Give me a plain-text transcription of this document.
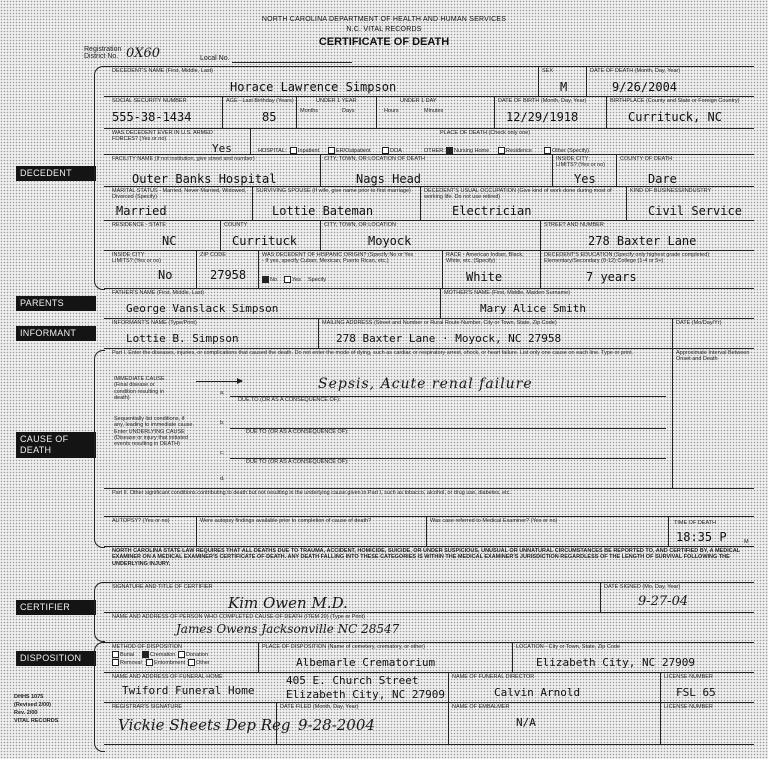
NORTH CAROLINA DEPARTMENT OF HEALTH AND HUMAN SERVICES
N.C. VITAL RECORDS
CERTIFICATE OF DEATH
Registration District No. 0X60	Local No.
DECEDENT
PARENTS
INFORMANT
CAUSE OF DEATH
CERTIFIER
DISPOSITION
DECEDENT'S NAME (First, Middle, Last)
Horace Lawrence Simpson
SEX
M
DATE OF DEATH (Month, Day, Year)
9/26/2004
SOCIAL SECURITY NUMBER
555-38-1434
AGE - Last Birthday (Years)
85
UNDER 1 YEAR
Months	Days
UNDER 1 DAY
Hours	Minutes
DATE OF BIRTH (Month, Day, Year)
12/29/1918
BIRTHPLACE (County and State or Foreign Country)
Currituck, NC
WAS DECEDENT EVER IN U.S. ARMED FORCES? (Yes or no)
Yes
PLACE OF DEATH (Check only one)
HOSPITAL: Inpatient	ER/Outpatient	DOA	OTHER: Nursing Home	Residence	Other (Specify)
FACILITY NAME (If not institution, give street and number)
Outer Banks Hospital
CITY, TOWN, OR LOCATION OF DEATH
Nags Head
INSIDE CITY LIMITS? (Yes or no)
Yes
COUNTY OF DEATH
Dare
MARITAL STATUS - Married, Never Married, Widowed, Divorced (Specify)
Married
SURVIVING SPOUSE (If wife, give name prior to first marriage)
Lottie Bateman
DECEDENT'S USUAL OCCUPATION (Give kind of work done during most of working life. Do not use retired)
Electrician
KIND OF BUSINESS/INDUSTRY
Civil Service
RESIDENCE - STATE
NC
COUNTY
Currituck
CITY, TOWN, OR LOCATION
Moyock
STREET AND NUMBER
278 Baxter Lane
INSIDE CITY LIMITS? (Yes or no)
No
ZIP CODE
27958
WAS DECEDENT OF HISPANIC ORIGIN? (Specify No or Yes - If yes, specify Cuban, Mexican, Puerto Rican, etc.)
No	Yes Specify
RACE - American Indian, Black, White, etc. (Specify)
White
DECEDENT'S EDUCATION (Specify only highest grade completed) Elementary/Secondary (0-12) College (1-4 or 5+)
7 years
FATHER'S NAME (First, Middle, Last)
George Vanslack Simpson
MOTHER'S NAME (First, Middle, Maiden Surname)
Mary Alice Smith
INFORMANT'S NAME (Type/Print)
Lottie B. Simpson
MAILING ADDRESS (Street and Number or Rural Route Number, City or Town, State, Zip Code)
278 Baxter Lane · Moyock, NC 27958
DATE (Mo/Day/Yr)
Part I. Enter the diseases, injuries, or complications that caused the death. Do not enter the mode of dying, such as cardiac or respiratory arrest, shock, or heart failure. List only one cause on each line. Type or print.	Approximate Interval Between Onset and Death
IMMEDIATE CAUSE (Final disease or condition resulting in death)
a.
Sepsis, Acute renal failure
DUE TO (OR AS A CONSEQUENCE OF):
Sequentially list conditions, if any, leading to immediate cause. Enter UNDERLYING CAUSE (Disease or injury that initiated events resulting in DEATH)
b.
DUE TO (OR AS A CONSEQUENCE OF):
c.
DUE TO (OR AS A CONSEQUENCE OF):
d.
Part II. Other significant conditions contributing to death but not resulting in the underlying cause given in Part I, such as tobacco, alcohol, or drug use, diabetes, etc.
AUTOPSY? (Yes or no)	Were autopsy findings available prior to completion of cause of death?	Was case referred to Medical Examiner? (Yes or no)	TIME OF DEATH
18:35 P	M
NORTH CAROLINA STATE LAW REQUIRES THAT ALL DEATHS DUE TO TRAUMA, ACCIDENT, HOMICIDE, SUICIDE, OR UNDER SUSPICIOUS, UNUSUAL OR UNNATURAL CIRCUMSTANCES BE REPORTED TO, AND CERTIFIED BY, A MEDICAL EXAMINER ON A MEDICAL EXAMINER'S CERTIFICATE OF DEATH. ANY DEATH FALLING INTO THESE CATEGORIES IS WITHIN THE MEDICAL EXAMINER'S JURISDICTION REGARDLESS OF THE LENGTH OF SURVIVAL FOLLOWING THE UNDERLYING INJURY.
SIGNATURE AND TITLE OF CERTIFIER
Kim Owen M.D.
DATE SIGNED (Mo, Day, Year)
9-27-04
NAME AND ADDRESS OF PERSON WHO COMPLETED CAUSE OF DEATH (ITEM 20) (Type or Print)
James Owens Jacksonville NC 28547
METHOD OF DISPOSITION
Burial	Cremation Donation
Removal Entombment Other
PLACE OF DISPOSITION (Name of cemetery, crematory, or other)
Albemarle Crematorium
LOCATION - City or Town, State, Zip Code
Elizabeth City, NC 27909
NAME AND ADDRESS OF FUNERAL HOME
Twiford Funeral Home
405 E. Church Street
Elizabeth City, NC 27909
NAME OF FUNERAL DIRECTOR
Calvin Arnold
LICENSE NUMBER
FSL 65
REGISTRAR'S SIGNATURE
Vickie Sheets Dep Reg
DATE FILED (Month, Day, Year)
9-28-2004
NAME OF EMBALMER
N/A
LICENSE NUMBER
DHHS 1075
(Revised 2/00)
Rev. 2/00
VITAL RECORDS
